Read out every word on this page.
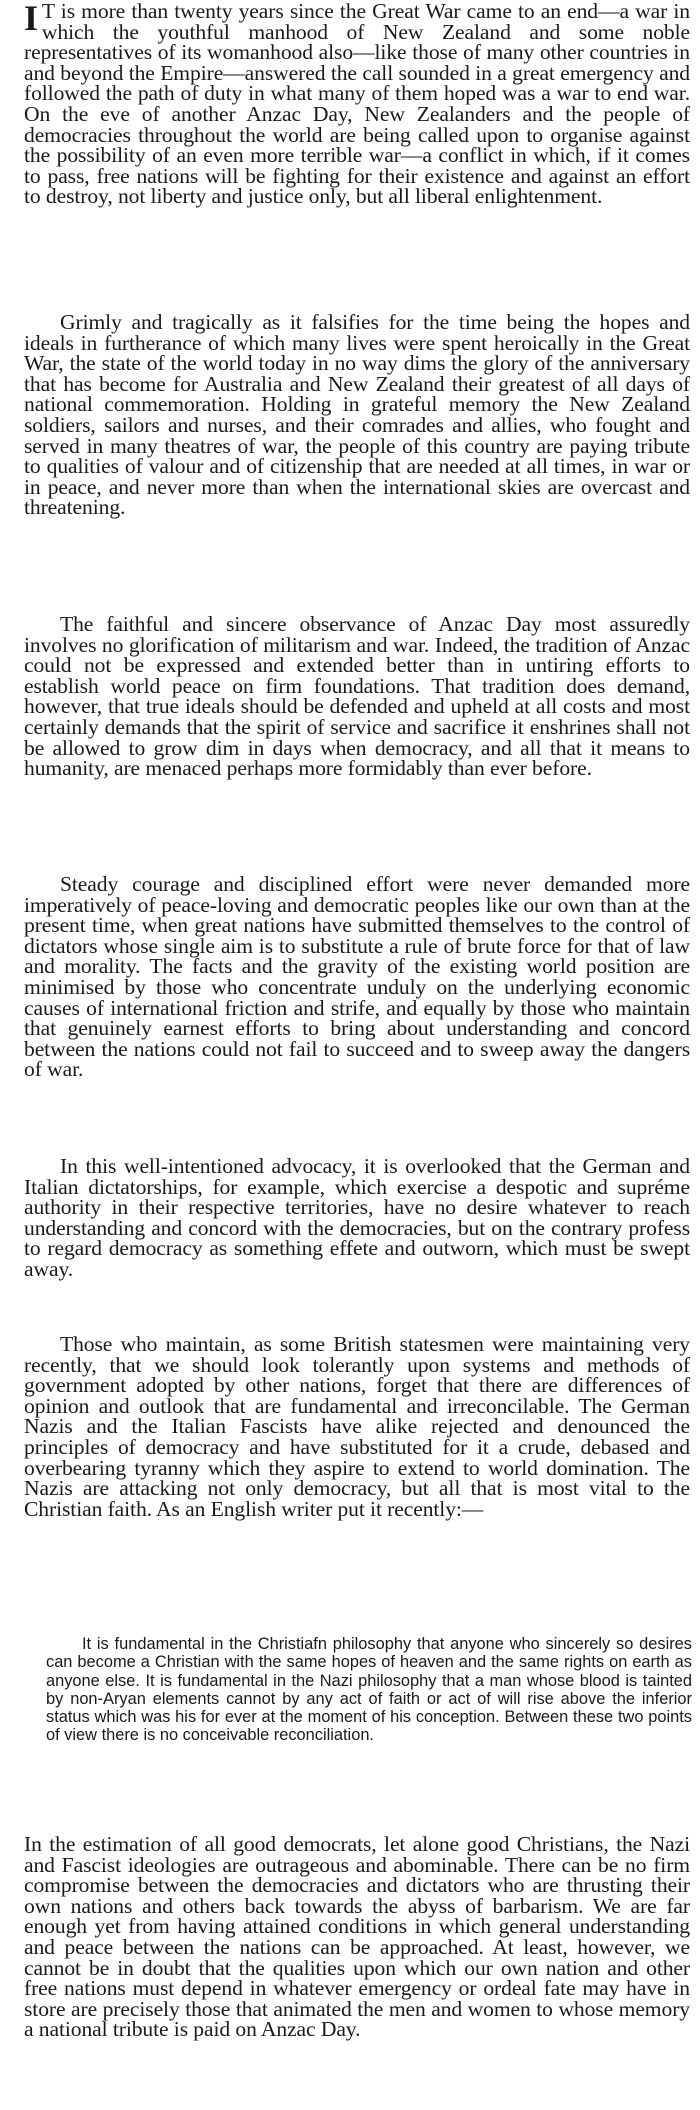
I T is more than twenty years since the Great War came to an end—a war in which the youthful manhood of New Zealand and some noble representatives of its womanhood also—like those of many other countries in and beyond the Empire—answered the call sounded in a great emergency and followed the path of duty in what many of them hoped was a war to end war. On the eve of another Anzac Day, New Zealanders and the people of democracies throughout the world are being called upon to organise against the possibility of an even more terrible war—a conflict in which, if it comes to pass, free nations will be fighting for their existence and against an effort to destroy, not liberty and justice only, but all liberal enlightenment.

Grimly and tragically as it falsifies for the time being the hopes and ideals in furtherance of which many lives were spent heroically in the Great War, the state of the world today in no way dims the glory of the anniversary that has become for Australia and New Zealand their greatest of all days of national commemoration. Holding in grateful memory the New Zealand soldiers, sailors and nurses, and their comrades and allies, who fought and served in many theatres of war, the people of this country are paying tribute to qualities of valour and of citizenship that are needed at all times, in war or in peace, and never more than when the international skies are overcast and threatening.

The faithful and sincere observance of Anzac Day most assuredly involves no glorification of militarism and war. Indeed, the tradition of Anzac could not be expressed and extended better than in untiring efforts to establish world peace on firm foundations. That tradition does demand, however, that true ideals should be defended and upheld at all costs and most certainly demands that the spirit of service and sacrifice it enshrines shall not be allowed to grow dim in days when democracy, and all that it means to humanity, are menaced perhaps more formidably than ever before.

Steady courage and disciplined effort were never demanded more imperatively of peace-loving and democratic peoples like our own than at the present time, when great nations have submitted themselves to the control of dictators whose single aim is to substitute a rule of brute force for that of law and morality. The facts and the gravity of the existing world position are minimised by those who concentrate unduly on the underlying economic causes of international friction and strife, and equally by those who maintain that genuinely earnest efforts to bring about understanding and concord between the nations could not fail to succeed and to sweep away the dangers of war.

In this well-intentioned advocacy, it is overlooked that the German and Italian dictatorships, for example, which exercise a despotic and supréme authority in their respective territories, have no desire whatever to reach understanding and concord with the democracies, but on the contrary profess to regard democracy as something effete and outworn, which must be swept away.

Those who maintain, as some British statesmen were maintaining very recently, that we should look tolerantly upon systems and methods of government adopted by other nations, forget that there are differences of opinion and outlook that are fundamental and irreconcilable. The German Nazis and the Italian Fascists have alike rejected and denounced the principles of democracy and have substituted for it a crude, debased and overbearing tyranny which they aspire to extend to world domination. The Nazis are attacking not only democracy, but all that is most vital to the Christian faith. As an English writer put it recently:—

It is fundamental in the Christiafn philosophy that anyone who sincerely so desires can become a Christian with the same hopes of heaven and the same rights on earth as anyone else. It is fundamental in the Nazi philosophy that a man whose blood is tainted by non-Aryan elements cannot by any act of faith or act of will rise above the inferior status which was his for ever at the moment of his conception. Between these two points of view there is no conceivable reconciliation.

In the estimation of all good democrats, let alone good Christians, the Nazi and Fascist ideologies are outrageous and abominable. There can be no firm compromise between the democracies and dictators who are thrusting their own nations and others back towards the abyss of barbarism. We are far enough yet from having attained conditions in which general understanding and peace between the nations can be approached. At least, however, we cannot be in doubt that the qualities upon which our own nation and other free nations must depend in whatever emergency or ordeal fate may have in store are precisely those that animated the men and women to whose memory a national tribute is paid on Anzac Day.
